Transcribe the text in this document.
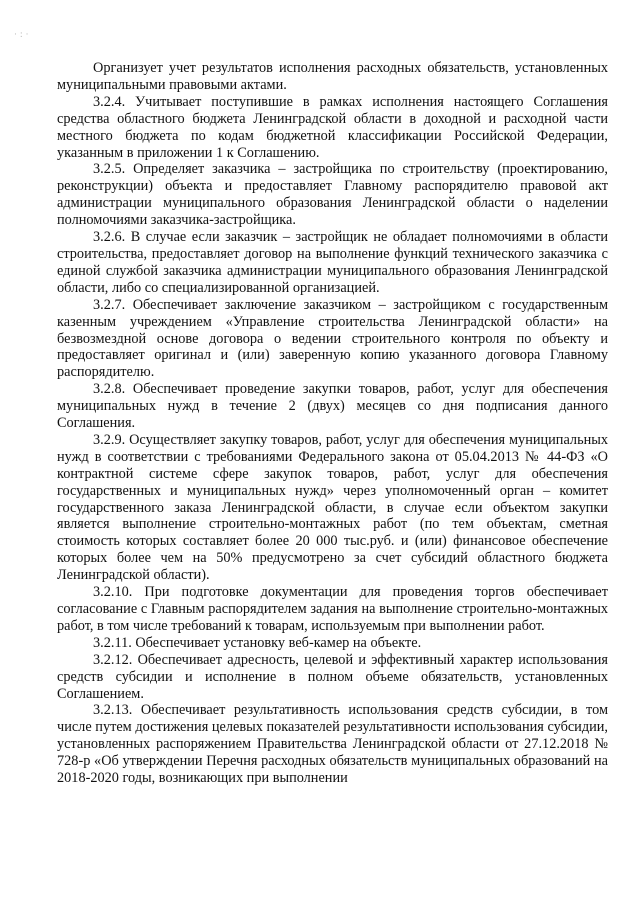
· : ·

Организует учет результатов исполнения расходных обязательств, установленных муниципальными правовыми актами.

3.2.4. Учитывает поступившие в рамках исполнения настоящего Соглашения средства областного бюджета Ленинградской области в доходной и расходной части местного бюджета по кодам бюджетной классификации Российской Федерации, указанным в приложении 1 к Соглашению.

3.2.5. Определяет заказчика – застройщика по строительству (проектированию, реконструкции) объекта и предоставляет Главному распорядителю правовой акт администрации муниципального образования Ленинградской области о наделении полномочиями заказчика-застройщика.

3.2.6. В случае если заказчик – застройщик не обладает полномочиями в области строительства, предоставляет договор на выполнение функций технического заказчика с единой службой заказчика администрации муниципального образования Ленинградской области, либо со специализированной организацией.

3.2.7. Обеспечивает заключение заказчиком – застройщиком с государственным казенным учреждением «Управление строительства Ленинградской области» на безвозмездной основе договора о ведении строительного контроля по объекту и предоставляет оригинал и (или) заверенную копию указанного договора Главному распорядителю.

3.2.8. Обеспечивает проведение закупки товаров, работ, услуг для обеспечения муниципальных нужд в течение 2 (двух) месяцев со дня подписания данного Соглашения.

3.2.9. Осуществляет закупку товаров, работ, услуг для обеспечения муниципальных нужд в соответствии с требованиями Федерального закона от 05.04.2013 № 44-ФЗ «О контрактной системе сфере закупок товаров, работ, услуг для обеспечения государственных и муниципальных нужд» через уполномоченный орган – комитет государственного заказа Ленинградской области, в случае если объектом закупки является выполнение строительно-монтажных работ (по тем объектам, сметная стоимость которых составляет более 20 000 тыс.руб. и (или) финансовое обеспечение которых более чем на 50% предусмотрено за счет субсидий областного бюджета Ленинградской области).

3.2.10. При подготовке документации для проведения торгов обеспечивает согласование с Главным распорядителем задания на выполнение строительно-монтажных работ, в том числе требований к товарам, используемым при выполнении работ.

3.2.11. Обеспечивает установку веб-камер на объекте.

3.2.12. Обеспечивает адресность, целевой и эффективный характер использования средств субсидии и исполнение в полном объеме обязательств, установленных Соглашением.

3.2.13. Обеспечивает результативность использования средств субсидии, в том числе путем достижения целевых показателей результативности использования субсидии, установленных распоряжением Правительства Ленинградской области от 27.12.2018 № 728-р «Об утверждении Перечня расходных обязательств муниципальных образований на 2018-2020 годы, возникающих при выполнении
